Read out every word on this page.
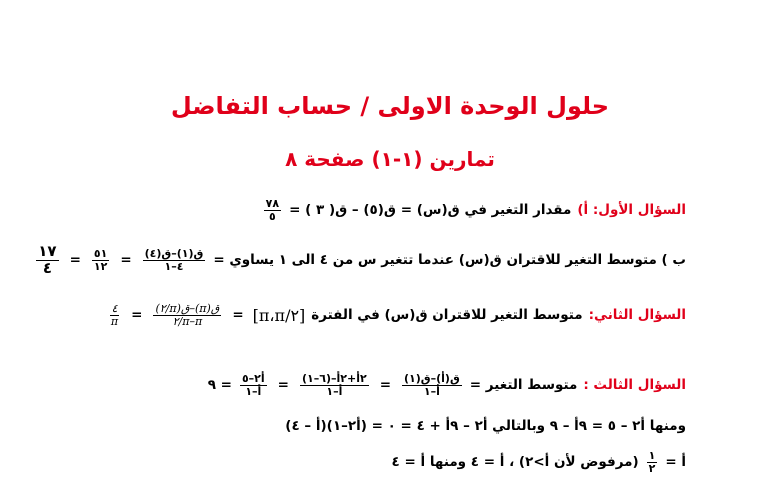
حلول الوحدة الاولى / حساب التفاضل
تمارين (١-١) صفحة ٨
السؤال الأول: أ)
مقدار التغير في ق(س) = ق(٥) – ق( ٣ ) =
$\frac{٧٨}{٥}$
ب ) متوسط التغير للاقتران ق(س) عندما تتغير س من ٤ الى ١ يساوي =
$\frac{\text{ق(١)–ق(٤)}}{٤-١}$
=
$\frac{٥١}{١٢}$
=
$\frac{١٧}{٤}$
السؤال الثاني:
متوسط التغير للاقتران ق(س) في الفترة
[π،π/٢]
=
$\frac{\text{ق(π)–ق(π/٢)}}{\pi-\pi/٢}$
=
$\frac{٤}{\pi}$
السؤال الثالث :
متوسط التغير =
$\frac{\text{ق(أ)–ق(١)}}{\text{أ–١}}$
=
$\frac{\text{٢أ+٢أ–(٦–١)}}{\text{أ–١}}$
=
$\frac{\text{أ٢–٥}}{\text{أ–١}}$
= ٩
ومنها أ٢ – ٥ = ٩أ – ٩ وبالتالي أ٢ – ٩أ + ٤ = ٠ = (أ٢–١)(أ – ٤)
أ =
$\frac{١}{٢}$
(مرفوض لأن أ>٢) ، أ = ٤ ومنها أ = ٤
